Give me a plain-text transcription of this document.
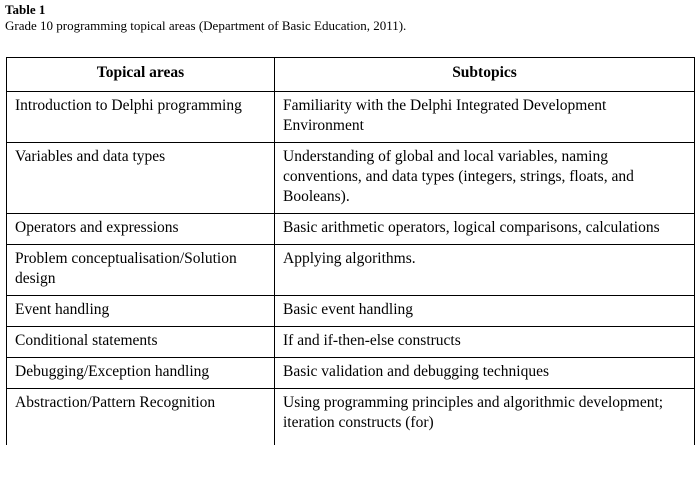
Table 1
Grade 10 programming topical areas (Department of Basic Education, 2011).
Topical areas	Subtopics
Introduction to Delphi programming	Familiarity with the Delphi Integrated Development Environment
Variables and data types	Understanding of global and local variables, naming conventions, and data types (integers, strings, floats, and Booleans).
Operators and expressions	Basic arithmetic operators, logical comparisons, calculations
Problem conceptualisation/Solution design	Applying algorithms.
Event handling	Basic event handling
Conditional statements	If and if-then-else constructs
Debugging/Exception handling	Basic validation and debugging techniques
Abstraction/Pattern Recognition	Using programming principles and algorithmic development; iteration constructs (for)
